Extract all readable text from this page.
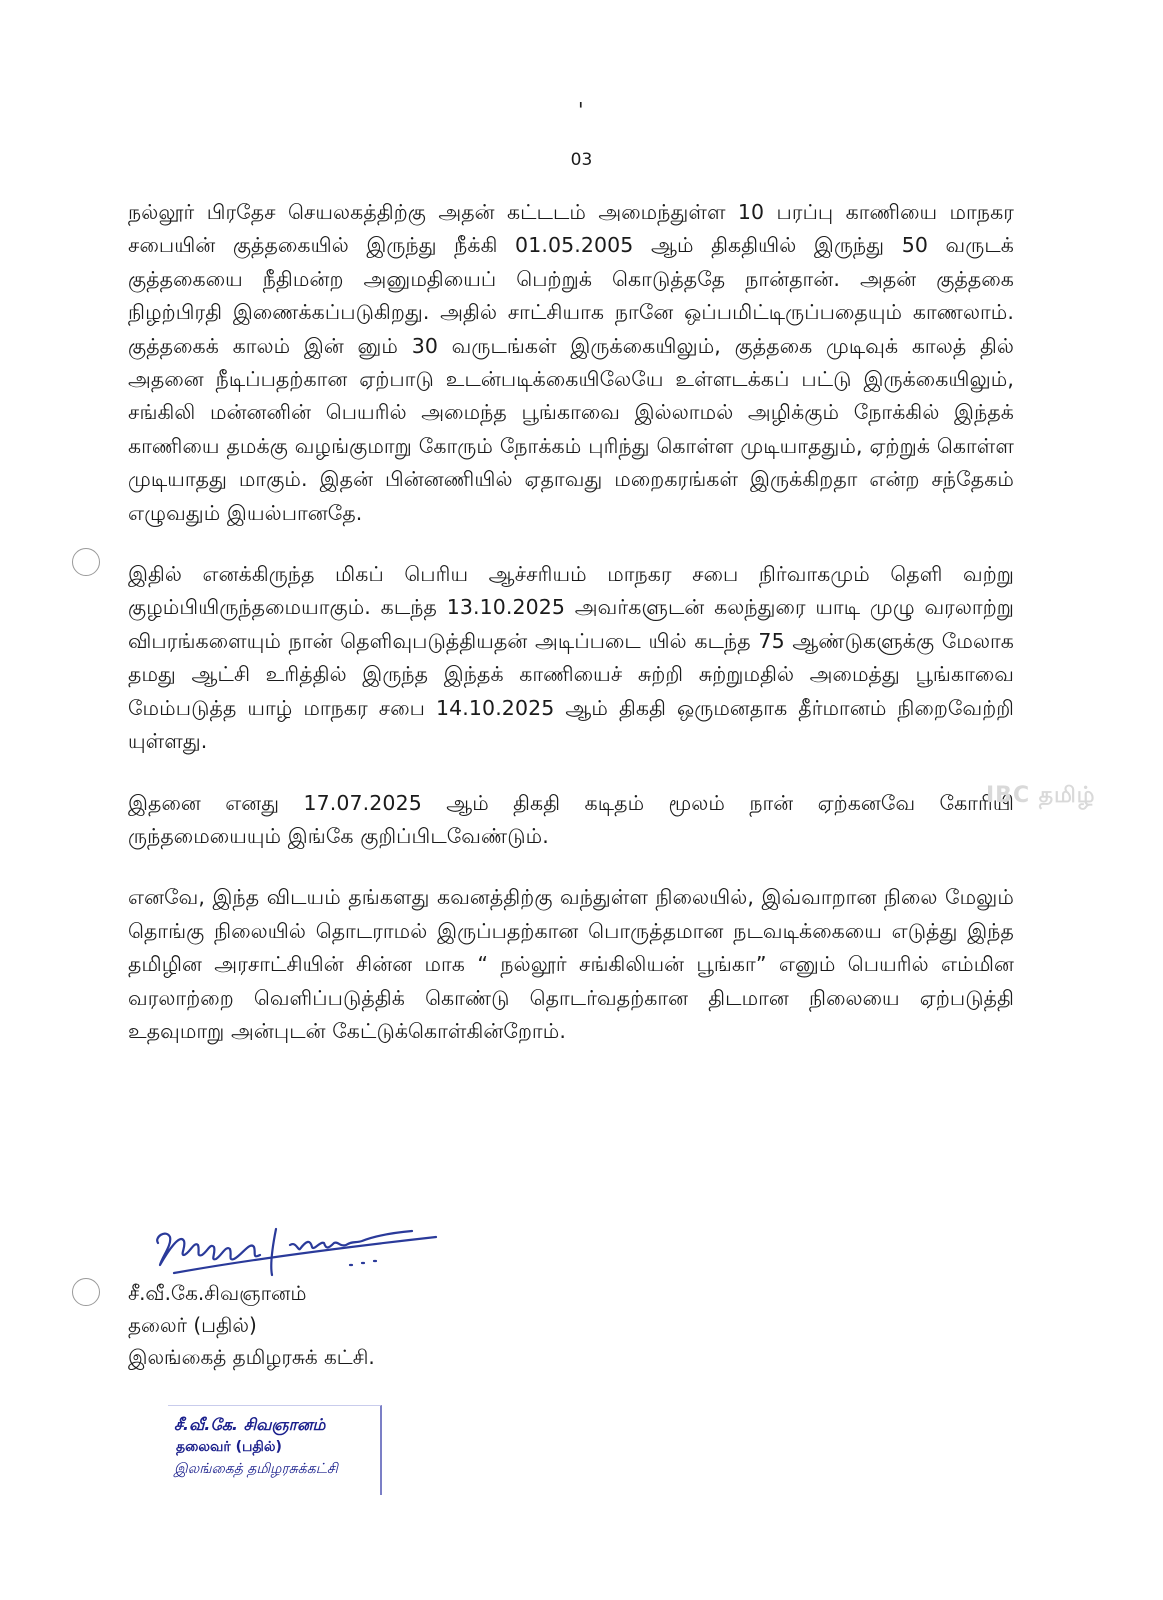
'
03

நல்லூர் பிரதேச செயலகத்திற்கு அதன் கட்டடம் அமைந்துள்ள 10 பரப்பு காணியை மாநகர சபையின் குத்தகையில் இருந்து நீக்கி 01.05.2005 ஆம் திகதியில் இருந்து 50 வருடக் குத்தகையை நீதிமன்ற அனுமதியைப் பெற்றுக் கொடுத்ததே நான்தான். அதன் குத்தகை நிழற்பிரதி இணைக்கப்படுகிறது. அதில் சாட்சியாக நானே ஒப்பமிட்டிருப்பதையும் காணலாம். குத்தகைக் காலம் இன் னும் 30 வருடங்கள் இருக்கையிலும், குத்தகை முடிவுக் காலத் தில் அதனை நீடிப்பதற்கான ஏற்பாடு உடன்படிக்கையிலேயே உள்ளடக்கப் பட்டு இருக்கையிலும், சங்கிலி மன்னனின் பெயரில் அமைந்த பூங்காவை இல்லாமல் அழிக்கும் நோக்கில் இந்தக் காணியை தமக்கு வழங்குமாறு கோரும் நோக்கம் புரிந்து கொள்ள முடியாததும், ஏற்றுக் கொள்ள முடியாதது மாகும். இதன் பின்னணியில் ஏதாவது மறைகரங்கள் இருக்கிறதா என்ற சந்தேகம் எழுவதும் இயல்பானதே.

இதில் எனக்கிருந்த மிகப் பெரிய ஆச்சரியம் மாநகர சபை நிர்வாகமும் தெளி வற்று குழம்பியிருந்தமையாகும். கடந்த 13.10.2025 அவர்களுடன் கலந்துரை யாடி முழு வரலாற்று விபரங்களையும் நான் தெளிவுபடுத்தியதன் அடிப்படை யில் கடந்த 75 ஆண்டுகளுக்கு மேலாக தமது ஆட்சி உரித்தில் இருந்த இந்தக் காணியைச் சுற்றி சுற்றுமதில் அமைத்து பூங்காவை மேம்படுத்த யாழ் மாநகர சபை 14.10.2025 ஆம் திகதி ஒருமனதாக தீர்மானம் நிறைவேற்றி யுள்ளது.

இதனை எனது 17.07.2025 ஆம் திகதி கடிதம் மூலம் நான் ஏற்கனவே கோரியி ருந்தமையையும் இங்கே குறிப்பிடவேண்டும்.

எனவே, இந்த விடயம் தங்களது கவனத்திற்கு வந்துள்ள நிலையில், இவ்வாறான நிலை மேலும் தொங்கு நிலையில் தொடராமல் இருப்பதற்கான பொருத்தமான நடவடிக்கையை எடுத்து இந்த தமிழின அரசாட்சியின் சின்ன மாக “ நல்லூர் சங்கிலியன் பூங்கா” எனும் பெயரில் எம்மின வரலாற்றை வெளிப்படுத்திக் கொண்டு தொடர்வதற்கான திடமான நிலையை ஏற்படுத்தி உதவுமாறு அன்புடன் கேட்டுக்கொள்கின்றோம்.

IBC தமிழ்
சீ.வீ.கே.சிவஞானம்
தலைர் (பதில்)
இலங்கைத் தமிழரசுக் கட்சி.
சீ.வீ.கே. சிவஞானம்
தலைவர் (பதில்)
இலங்கைத் தமிழரசுக்கட்சி
